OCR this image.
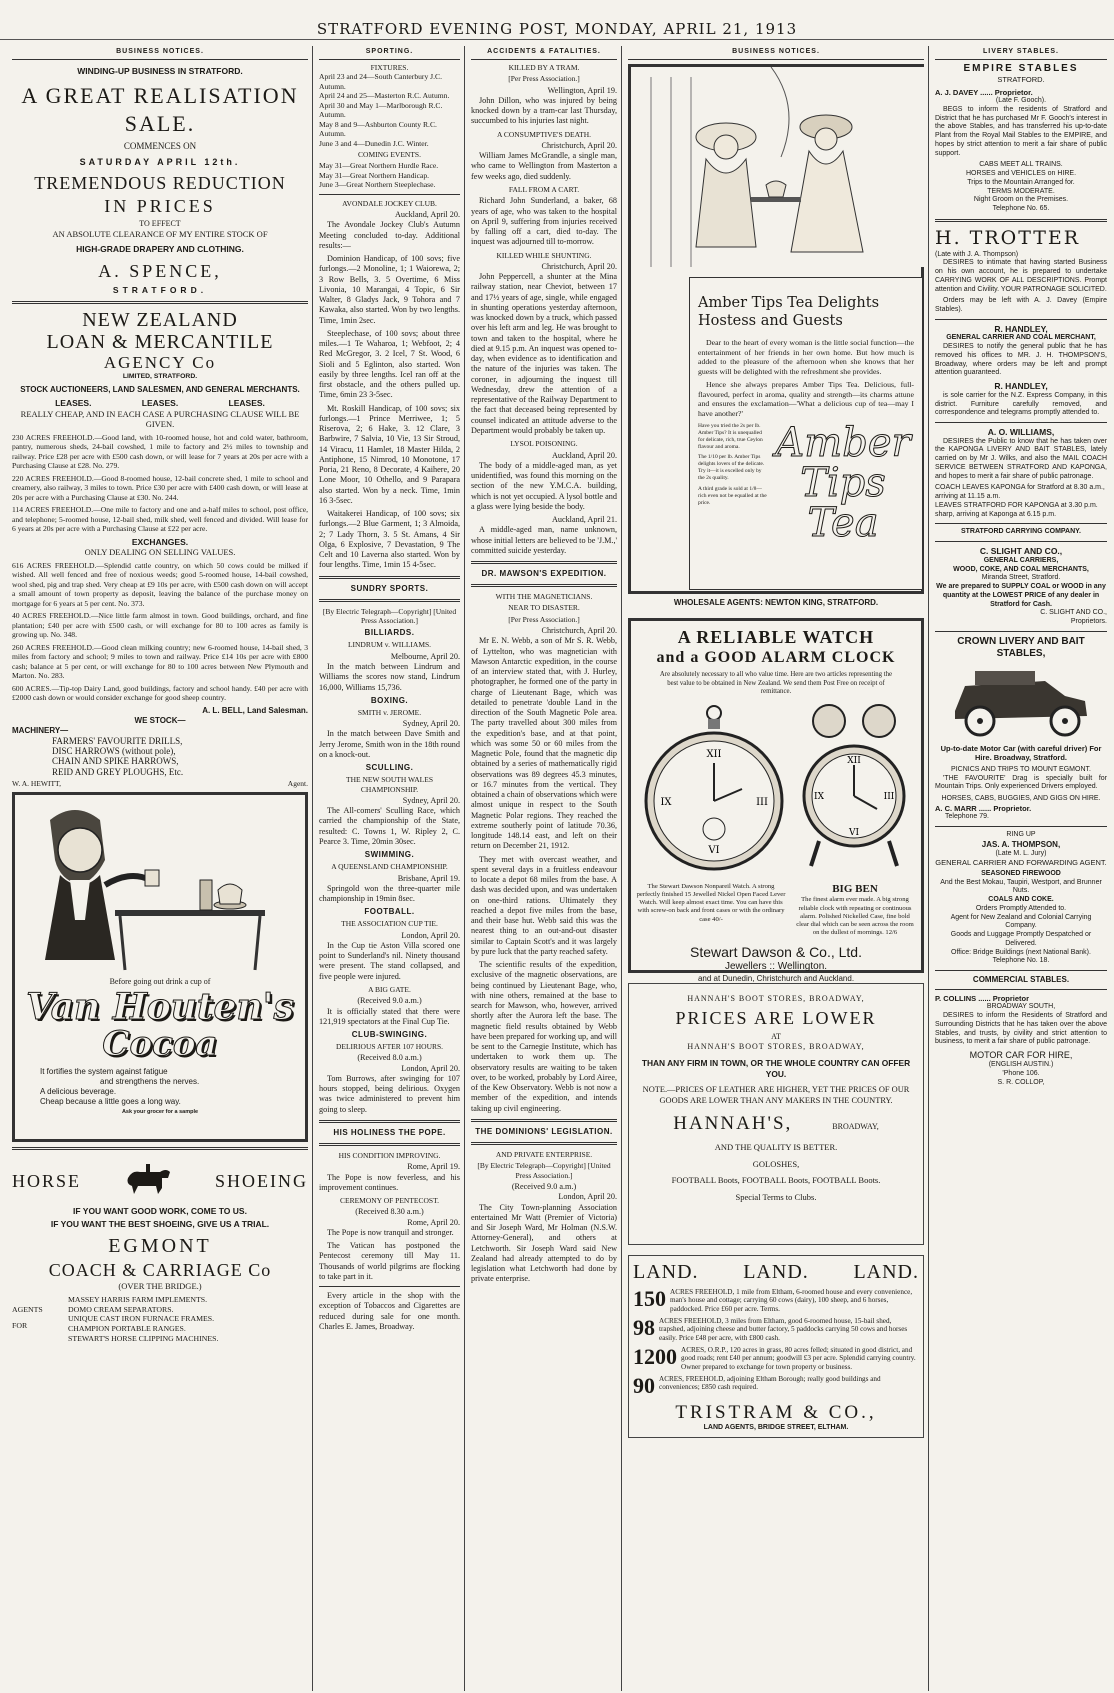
STRATFORD EVENING POST, MONDAY, APRIL 21, 1913
BUSINESS NOTICES.
WINDING-UP BUSINESS IN STRATFORD.
A GREAT REALISATION SALE.
COMMENCES ON
SATURDAY APRIL 12th.
TREMENDOUS REDUCTION
IN PRICES
TO EFFECT
AN ABSOLUTE CLEARANCE OF MY ENTIRE STOCK OF
HIGH-GRADE DRAPERY AND CLOTHING.
A. SPENCE,
STRATFORD.
NEW ZEALAND
LOAN & MERCANTILE
AGENCY Co
LIMITED, STRATFORD.
STOCK AUCTIONEERS, LAND SALESMEN, AND GENERAL MERCHANTS.
LEASES. LEASES. LEASES.
REALLY CHEAP, AND IN EACH CASE A PURCHASING CLAUSE WILL BE GIVEN.
230 ACRES FREEHOLD.—Good land, with 10-roomed house, hot and cold water, bathroom, pantry, numerous sheds, 24-bail cowshed, 1 mile to factory and 2½ miles to township and railway. Price £28 per acre with £500 cash down, or will lease for 7 years at 20s per acre with a Purchasing Clause at £28. No. 279.
220 ACRES FREEHOLD.—Good 8-roomed house, 12-bail concrete shed, 1 mile to school and creamery, also railway, 3 miles to town. Price £30 per acre with £400 cash down, or will lease at 20s per acre with a Purchasing Clause at £30. No. 244.
114 ACRES FREEHOLD.—One mile to factory and one and a-half miles to school, post office, and telephone; 5-roomed house, 12-bail shed, milk shed, well fenced and divided. Will lease for 6 years at 20s per acre with a Purchasing Clause at £22 per acre.
EXCHANGES.
ONLY DEALING ON SELLING VALUES.
616 ACRES FREEHOLD.—Splendid cattle country, on which 50 cows could be milked if wished. All well fenced and free of noxious weeds; good 5-roomed house, 14-bail cowshed, wool shed, pig and trap shed. Very cheap at £9 10s per acre, with £500 cash down on will accept a small amount of town property as deposit, leaving the balance of the purchase money on mortgage for 6 years at 5 per cent. No. 373.
40 ACRES FREEHOLD.—Nice little farm almost in town. Good buildings, orchard, and fine plantation; £40 per acre with £500 cash, or will exchange for 80 to 100 acres as family is growing up. No. 348.
260 ACRES FREEHOLD.—Good clean milking country; new 6-roomed house, 14-bail shed, 3 miles from factory and school; 9 miles to town and railway. Price £14 10s per acre with £800 cash; balance at 5 per cent, or will exchange for 80 to 100 acres between New Plymouth and Marton. No. 283.
600 ACRES.—Tip-top Dairy Land, good buildings, factory and school handy. £40 per acre with £2000 cash down or would consider exchange for good sheep country.
A. L. BELL, Land Salesman.
WE STOCK—
MACHINERY—
FARMERS' FAVOURITE DRILLS,
DISC HARROWS (without pole),
CHAIN AND SPIKE HARROWS,
REID AND GREY PLOUGHS, Etc.
W. A. HEWITT,	Agent.
Before going out drink a cup of
Van Houten's
Cocoa
It fortifies the system against fatigue
and strengthens the nerves.
A delicious beverage.
Cheap because a little goes a long way.
Ask your grocer for a sample
HORSE	SHOEING
IF YOU WANT GOOD WORK, COME TO US.
IF YOU WANT THE BEST SHOEING, GIVE US A TRIAL.
EGMONT
COACH & CARRIAGE Co
(OVER THE BRIDGE.)
AGENTS
FOR
MASSEY HARRIS FARM IMPLEMENTS.
DOMO CREAM SEPARATORS.
UNIQUE CAST IRON FURNACE FRAMES.
CHAMPION PORTABLE RANGES.
STEWART'S HORSE CLIPPING MACHINES.
SPORTING.
FIXTURES.
April 23 and 24—South Canterbury J.C. Autumn.
April 24 and 25—Masterton R.C. Autumn.
April 30 and May 1—Marlborough R.C. Autumn.
May 8 and 9—Ashburton County R.C. Autumn.
June 3 and 4—Dunedin J.C. Winter.
COMING EVENTS.
May 31—Great Northern Hurdle Race.
May 31—Great Northern Handicap.
June 3—Great Northern Steeplechase.
AVONDALE JOCKEY CLUB.
Auckland, April 20.
The Avondale Jockey Club's Autumn Meeting concluded to-day. Additional results:—
Dominion Handicap, of 100 sovs; five furlongs.—2 Monoline, 1; 1 Waiorewa, 2; 3 Row Bells, 3. 5 Overtime, 6 Miss Livonia, 10 Marangai, 4 Topic, 6 Sir Walter, 8 Gladys Jack, 9 Tohora and 7 Kawaka, also started. Won by two lengths. Time, 1min 2sec.
Steeplechase, of 100 sovs; about three miles.—1 Te Waharoa, 1; Webfoot, 2; 4 Red McGregor, 3. 2 Icel, 7 St. Wood, 6 Sioli and 5 Eglinton, also started. Won easily by three lengths. Icel ran off at the first obstacle, and the others pulled up. Time, 6min 23 3-5sec.
Mt. Roskill Handicap, of 100 sovs; six furlongs.—1 Prince Merriwee, 1; 5 Riserova, 2; 6 Hake, 3. 12 Clare, 3 Barbwire, 7 Salvia, 10 Vie, 13 Sir Stroud, 14 Viracu, 11 Hamlet, 18 Master Hilda, 2 Antiphone, 15 Nimrod, 10 Monotone, 17 Poria, 21 Reno, 8 Decorate, 4 Kaihere, 20 Lone Moor, 10 Othello, and 9 Parapara also started. Won by a neck. Time, 1min 16 3-5sec.
Waitakerei Handicap, of 100 sovs; six furlongs.—2 Blue Garment, 1; 3 Almoida, 2; 7 Lady Thorn, 3. 5 St. Amans, 4 Sir Olga, 6 Explosive, 7 Devastation, 9 The Celt and 10 Laverna also started. Won by four lengths. Time, 1min 15 4-5sec.
SUNDRY SPORTS.
[By Electric Telegraph—Copyright] [United Press Association.]
BILLIARDS.
LINDRUM v. WILLIAMS.
Melbourne, April 20.
In the match between Lindrum and Williams the scores now stand, Lindrum 16,000, Williams 15,736.
BOXING.
SMITH v. JEROME.
Sydney, April 20.
In the match between Dave Smith and Jerry Jerome, Smith won in the 18th round on a knock-out.
SCULLING.
THE NEW SOUTH WALES CHAMPIONSHIP.
Sydney, April 20.
The All-comers' Sculling Race, which carried the championship of the State, resulted: C. Towns 1, W. Ripley 2, C. Pearce 3. Time, 20min 30sec.
SWIMMING.
A QUEENSLAND CHAMPIONSHIP.
Brisbane, April 19.
Springold won the three-quarter mile championship in 19min 8sec.
FOOTBALL.
THE ASSOCIATION CUP TIE.
London, April 20.
In the Cup tie Aston Villa scored one point to Sunderland's nil. Ninety thousand were present. The stand collapsed, and five people were injured.
A BIG GATE.
(Received 9.0 a.m.)
It is officially stated that there were 121,919 spectators at the Final Cup Tie.
CLUB-SWINGING.
DELIRIOUS AFTER 107 HOURS.
(Received 8.0 a.m.)
London, April 20.
Tom Burrows, after swinging for 107 hours stopped, being delirious. Oxygen was twice administered to prevent him going to sleep.
HIS HOLINESS THE POPE.
HIS CONDITION IMPROVING.
Rome, April 19.
The Pope is now feverless, and his improvement continues.
CEREMONY OF PENTECOST.
(Received 8.30 a.m.)
Rome, April 20.
The Pope is now tranquil and stronger.
The Vatican has postponed the Pentecost ceremony till May 11. Thousands of world pilgrims are flocking to take part in it.
Every article in the shop with the exception of Tobaccos and Cigarettes are reduced during sale for one month. Charles E. James, Broadway.
ACCIDENTS & FATALITIES.
KILLED BY A TRAM.
[Per Press Association.]
Wellington, April 19.
John Dillon, who was injured by being knocked down by a tram-car last Thursday, succumbed to his injuries last night.
A CONSUMPTIVE'S DEATH.
Christchurch, April 20.
William James McGrandle, a single man, who came to Wellington from Masterton a few weeks ago, died suddenly.
FALL FROM A CART.
Richard John Sunderland, a baker, 68 years of age, who was taken to the hospital on April 9, suffering from injuries received by falling off a cart, died to-day. The inquest was adjourned till to-morrow.
KILLED WHILE SHUNTING.
Christchurch, April 20.
John Peppercell, a shunter at the Mina railway station, near Cheviot, between 17 and 17½ years of age, single, while engaged in shunting operations yesterday afternoon, was knocked down by a truck, which passed over his left arm and leg. He was brought to town and taken to the hospital, where he died at 9.15 p.m. An inquest was opened to-day, when evidence as to identification and the nature of the injuries was taken. The coroner, in adjourning the inquest till Wednesday, drew the attention of a representative of the Railway Department to the fact that deceased being represented by counsel indicated an attitude adverse to the Department would probably be taken up.
LYSOL POISONING.
Auckland, April 20.
The body of a middle-aged man, as yet unidentified, was found this morning on the section of the new Y.M.C.A. building, which is not yet occupied. A lysol bottle and a glass were lying beside the body.
Auckland, April 21.
A middle-aged man, name unknown, whose initial letters are believed to be 'J.M.,' committed suicide yesterday.
DR. MAWSON'S EXPEDITION.
WITH THE MAGNETICIANS.
NEAR TO DISASTER.
[Per Press Association.]
Christchurch, April 20.
Mr E. N. Webb, a son of Mr S. R. Webb, of Lyttelton, who was magnetician with Mawson Antarctic expedition, in the course of an interview stated that, with J. Hurley, photographer, he formed one of the party in charge of Lieutenant Bage, which was detailed to penetrate 'double Land in the direction of the South Magnetic Pole area. The party travelled about 300 miles from the expedition's base, and at that point, which was some 50 or 60 miles from the Magnetic Pole, found that the magnetic dip obtained by a series of mathematically rigid observations was 89 degrees 45.3 minutes, or 16.7 minutes from the vertical. They obtained a chain of observations which were almost unique in respect to the South Magnetic Polar regions. They reached the extreme southerly point of latitude 70.36, longitude 148.14 east, and left on their return on December 21, 1912.
They met with overcast weather, and spent several days in a fruitless endeavour to locate a depot 68 miles from the base. A dash was decided upon, and was undertaken on one-third rations. Ultimately they reached a depot five miles from the base, and their base hut. Webb said this was the nearest thing to an out-and-out disaster similar to Captain Scott's and it was largely by pure luck that the party reached safety.
The scientific results of the expedition, exclusive of the magnetic observations, are being continued by Lieutenant Bage, who, with nine others, remained at the base to search for Mawson, who, however, arrived shortly after the Aurora left the base. The magnetic field results obtained by Webb have been prepared for working up, and will be sent to the Carnegie Institute, which has undertaken to work them up. The observatory results are waiting to be taken over, to be worked, probably by Lord Airee, of the Kew Observatory. Webb is not now a member of the expedition, and intends taking up civil engineering.
THE DOMINIONS' LEGISLATION.
AND PRIVATE ENTERPRISE.
[By Electric Telegraph—Copyright] [United Press Association.]
(Received 9.0 a.m.)
London, April 20.
The City Town-planning Association entertained Mr Watt (Premier of Victoria) and Sir Joseph Ward, Mr Holman (N.S.W. Attorney-General), and others at Letchworth. Sir Joseph Ward said New Zealand had already attempted to do by legislation what Letchworth had done by private enterprise.
BUSINESS NOTICES.
Amber Tips Tea Delights
Hostess and Guests
Dear to the heart of every woman is the little social function—the entertainment of her friends in her own home. But how much is added to the pleasure of the afternoon when she knows that her guests will be delighted with the refreshment she provides.
Hence she always prepares Amber Tips Tea. Delicious, full-flavoured, perfect in aroma, quality and strength—its charms attune and ensures the exclamation—'What a delicious cup of tea—may I have another?'
Have you tried the 2s per lb. Amber Tips? It is unequalled for delicate, rich, true Ceylon flavour and aroma.
The 1/10 per lb. Amber Tips delights lovers of the delicate. Try it—it is excelled only by the 2s quality.
A third grade is sold at 1/8—rich even not be equalled at the price.
Amber
Tips Tea
WHOLESALE AGENTS: NEWTON KING, STRATFORD.
A RELIABLE WATCH
and a GOOD ALARM CLOCK
Are absolutely necessary to all who value time. Here are two articles representing the best value to be obtained in New Zealand. We send them Post Free on receipt of remittance.
XII
III
VI
IX
XII
III
VI
IX
The Stewart Dawson Nonpareil Watch. A strong perfectly finished 15 Jewelled Nickel Open Faced Lever Watch. Will keep almost exact time. You can have this with screw-on back and front cases or with the ordinary case 40/-
BIG BEN
The finest alarm ever made. A big strong reliable clock with repeating or continuous alarm. Polished Nickelled Case, fine bold clear dial which can be seen across the room on the dullest of mornings. 12/6
Stewart Dawson & Co., Ltd.
Jewellers :: Wellington.
and at Dunedin, Christchurch and Auckland.
HANNAH'S BOOT STORES, BROADWAY,
PRICES ARE LOWER
AT
HANNAH'S BOOT STORES, BROADWAY,
THAN ANY FIRM IN TOWN, OR THE WHOLE COUNTRY CAN OFFER YOU.
NOTE.—PRICES OF LEATHER ARE HIGHER, YET THE PRICES OF OUR GOODS ARE LOWER THAN ANY MAKERS IN THE COUNTRY.
HANNAH'S,	BROADWAY,
AND THE QUALITY IS BETTER.
GOLOSHES,
FOOTBALL Boots, FOOTBALL Boots, FOOTBALL Boots.
Special Terms to Clubs.
LAND. LAND. LAND.
150 ACRES FREEHOLD, 1 mile from Eltham, 6-roomed house and every convenience, man's house and cottage; carrying 60 cows (dairy), 100 sheep, and 6 horses, paddocked. Price £60 per acre. Terms.
98 ACRES FREEHOLD, 3 miles from Eltham, good 6-roomed house, 15-bail shed, trapshed, adjoining cheese and butter factory, 5 paddocks carrying 50 cows and horses easily. Price £48 per acre, with £800 cash.
1200 ACRES, O.R.P., 120 acres in grass, 80 acres felled; situated in good district, and good roads; rent £40 per annum; goodwill £3 per acre. Splendid carrying country. Owner prepared to exchange for town property or business.
90 ACRES, FREEHOLD, adjoining Eltham Borough; really good buildings and conveniences; £850 cash required.
TRISTRAM & CO.,
LAND AGENTS, BRIDGE STREET, ELTHAM.
LIVERY STABLES.
EMPIRE STABLES
STRATFORD.
A. J. DAVEY ...... Proprietor.
(Late F. Gooch).
BEGS to inform the residents of Stratford and District that he has purchased Mr F. Gooch's interest in the above Stables, and has transferred his up-to-date Plant from the Royal Mail Stables to the EMPIRE, and hopes by strict attention to merit a fair share of public support.
CABS MEET ALL TRAINS.
HORSES and VEHICLES on HIRE.
Trips to the Mountain Arranged for.
TERMS MODERATE.
Night Groom on the Premises.
Telephone No. 65.
H. TROTTER
(Late with J. A. Thompson)
DESIRES to intimate that having started Business on his own account, he is prepared to undertake CARRYING WORK OF ALL DESCRIPTIONS. Prompt attention and Civility. YOUR PATRONAGE SOLICITED.
Orders may be left with A. J. Davey (Empire Stables).
R. HANDLEY,
GENERAL CARRIER AND COAL MERCHANT,
DESIRES to notify the general public that he has removed his offices to MR. J. H. THOMPSON'S, Broadway, where orders may be left and prompt attention guaranteed.
R. HANDLEY,
is sole carrier for the N.Z. Express Company, in this district. Furniture carefully removed, and correspondence and telegrams promptly attended to.
A. O. WILLIAMS,
DESIRES the Public to know that he has taken over the KAPONGA LIVERY AND BAIT STABLES, lately carried on by Mr J. Wilks, and also the MAIL COACH SERVICE BETWEEN STRATFORD AND KAPONGA, and hopes to merit a fair share of public patronage.
COACH LEAVES KAPONGA for Stratford at 8.30 a.m., arriving at 11.15 a.m.
LEAVES STRATFORD FOR KAPONGA at 3.30 p.m. sharp, arriving at Kaponga at 6.15 p.m.
STRATFORD CARRYING COMPANY.
C. SLIGHT AND CO.,
GENERAL CARRIERS,
WOOD, COKE, AND COAL MERCHANTS,
Miranda Street, Stratford.
We are prepared to SUPPLY COAL or WOOD in any quantity at the LOWEST PRICE of any dealer in Stratford for Cash.
C. SLIGHT AND CO.,
Proprietors.
CROWN LIVERY AND BAIT STABLES,
Up-to-date Motor Car (with careful driver) For Hire. Broadway, Stratford.
PICNICS AND TRIPS TO MOUNT EGMONT.
'THE FAVOURITE' Drag is specially built for Mountain Trips. Only experienced Drivers employed.
HORSES, CABS, BUGGIES, AND GIGS ON HIRE.
A. C. MARR ...... Proprietor.
Telephone 79.
RING UP
JAS. A. THOMPSON,
(Late M. L. Jury)
GENERAL CARRIER AND FORWARDING AGENT.
SEASONED FIREWOOD
And the Best Mokau, Taupiri, Westport, and Brunner Nuts.
COALS AND COKE.
Orders Promptly Attended to.
Agent for New Zealand and Colonial Carrying Company.
Goods and Luggage Promptly Despatched or Delivered.
Office: Bridge Buildings (next National Bank).
Telephone No. 18.
COMMERCIAL STABLES.
P. COLLINS ...... Proprietor
BROADWAY SOUTH,
DESIRES to inform the Residents of Stratford and Surrounding Districts that he has taken over the above Stables, and trusts, by civility and strict attention to business, to merit a fair share of public patronage.
MOTOR CAR FOR HIRE,
(ENGLISH AUSTIN.)
'Phone 106.
S. R. COLLOP,
